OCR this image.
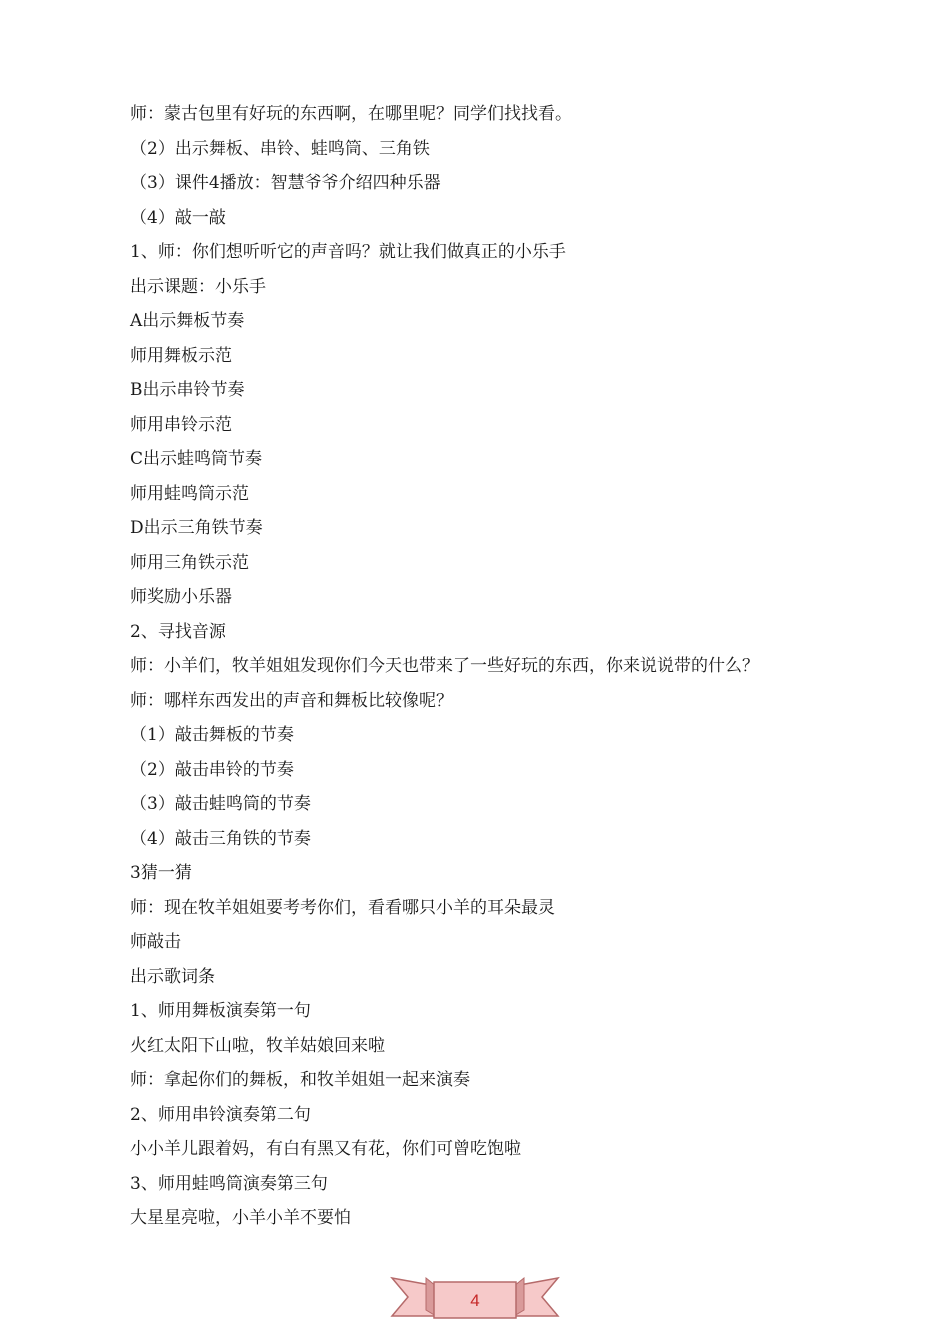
师：蒙古包里有好玩的东西啊，在哪里呢？同学们找找看。
（2）出示舞板、串铃、蛙鸣筒、三角铁
（3）课件4播放：智慧爷爷介绍四种乐器
（4）敲一敲
1、师：你们想听听它的声音吗？就让我们做真正的小乐手
出示课题：小乐手
A出示舞板节奏
师用舞板示范
B出示串铃节奏
师用串铃示范
C出示蛙鸣筒节奏
师用蛙鸣筒示范
D出示三角铁节奏
师用三角铁示范
师奖励小乐器
2、寻找音源
师：小羊们，牧羊姐姐发现你们今天也带来了一些好玩的东西，你来说说带的什么？
师：哪样东西发出的声音和舞板比较像呢？
（1）敲击舞板的节奏
（2）敲击串铃的节奏
（3）敲击蛙鸣筒的节奏
（4）敲击三角铁的节奏
3猜一猜
师：现在牧羊姐姐要考考你们，看看哪只小羊的耳朵最灵
师敲击
出示歌词条
1、师用舞板演奏第一句
火红太阳下山啦，牧羊姑娘回来啦
师：拿起你们的舞板，和牧羊姐姐一起来演奏
2、师用串铃演奏第二句
小小羊儿跟着妈，有白有黑又有花，你们可曾吃饱啦
3、师用蛙鸣筒演奏第三句
大星星亮啦，小羊小羊不要怕
4
